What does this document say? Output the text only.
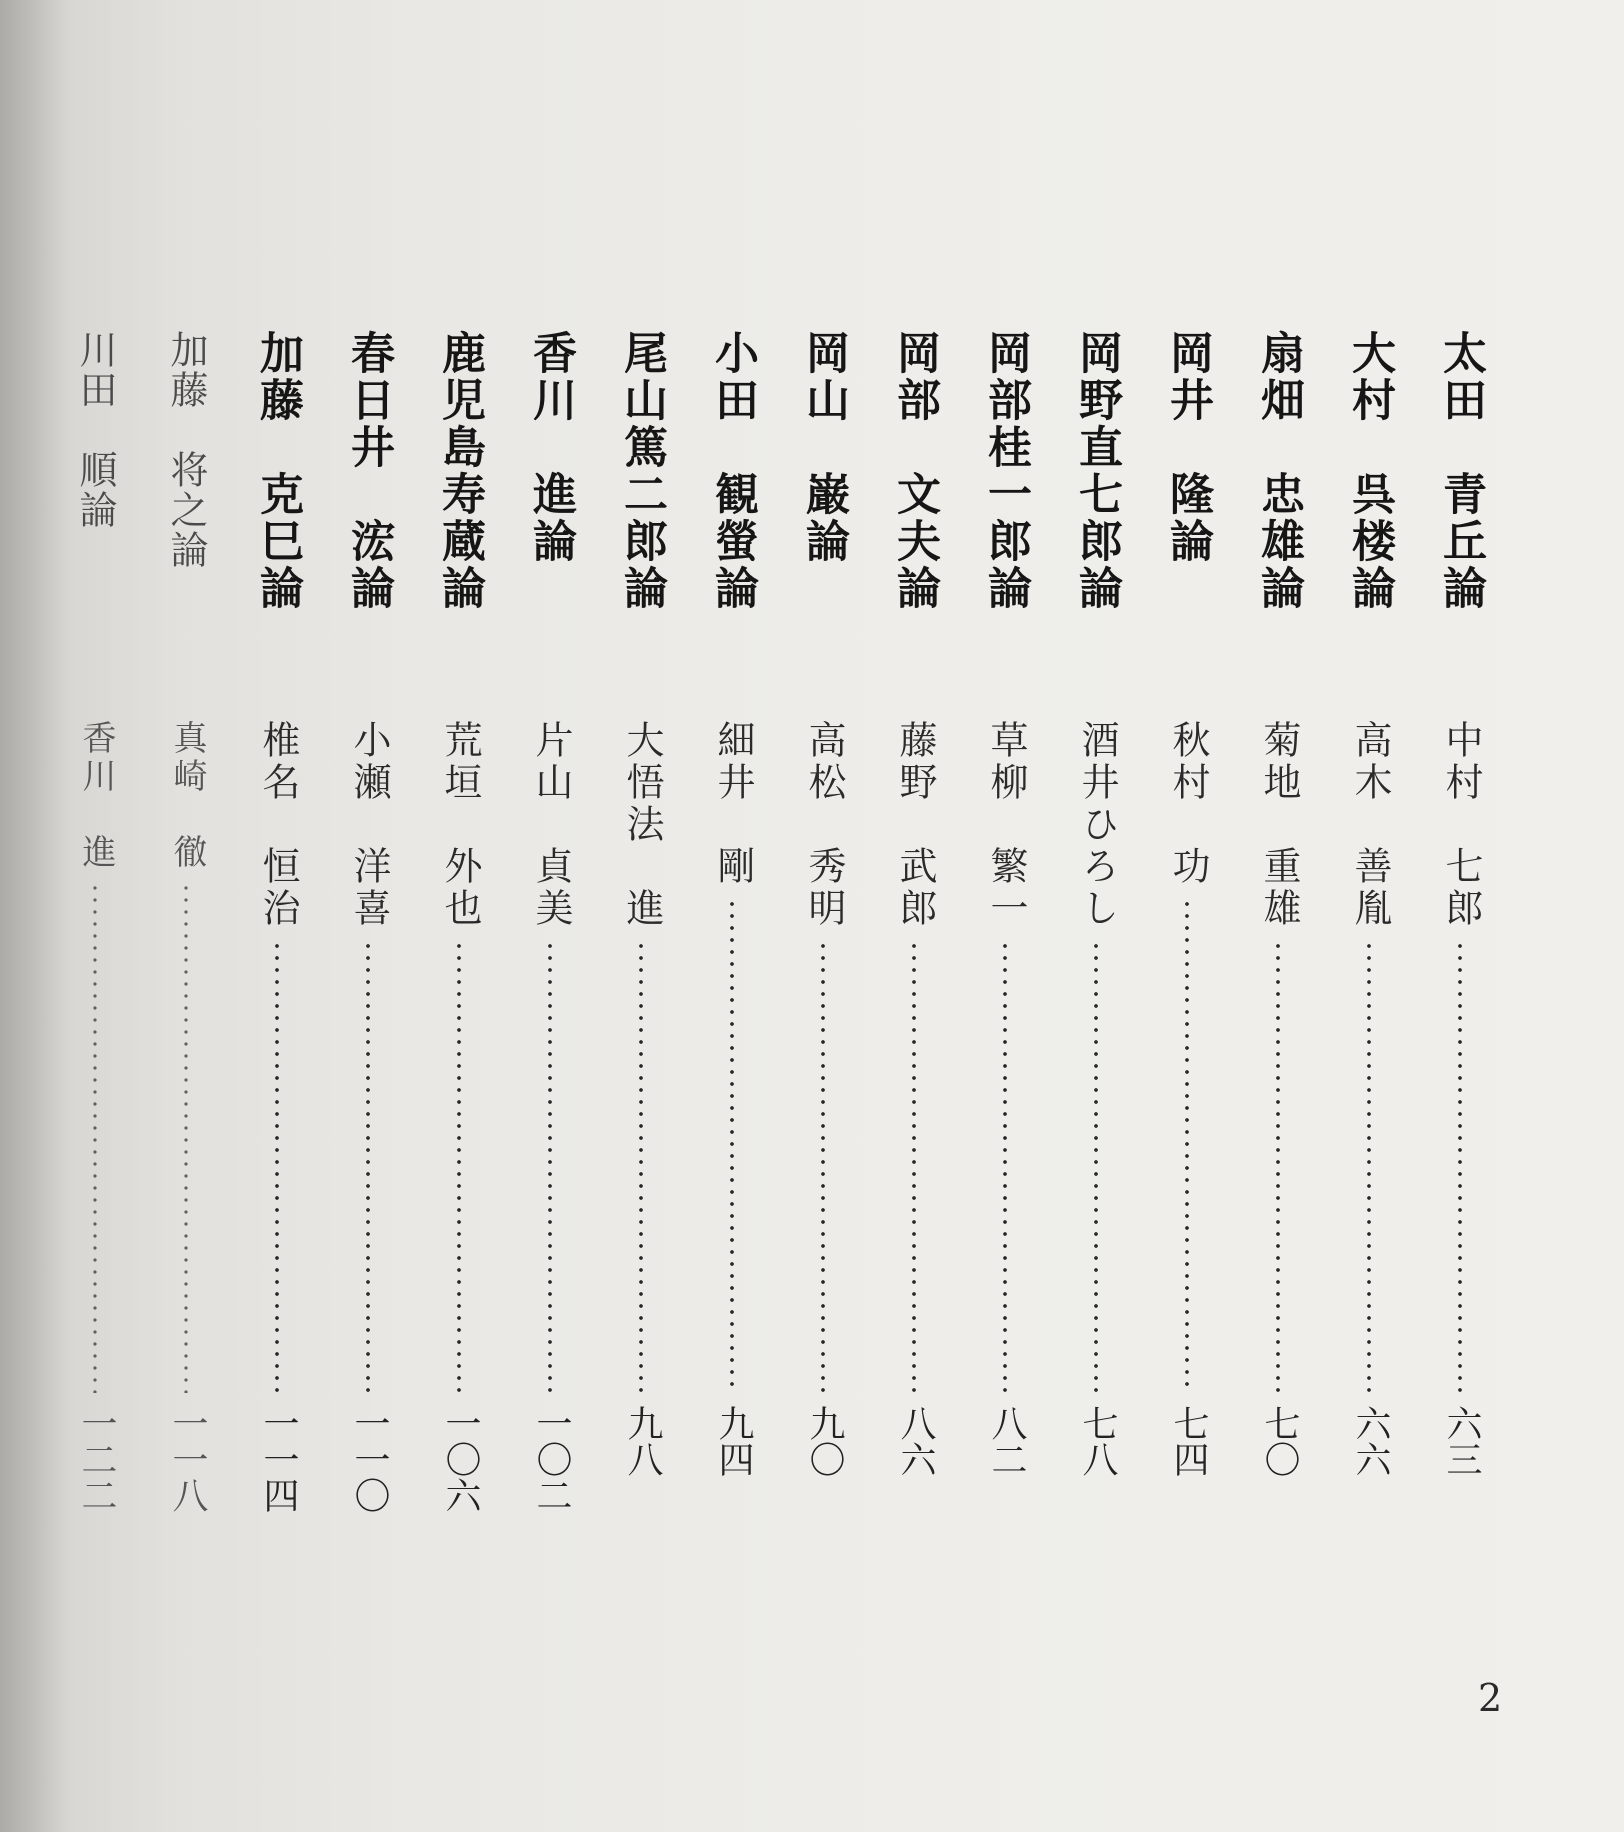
太田　青丘論
中村　七郎
六三
大村　呉楼論
高木　善胤
六六
扇畑　忠雄論
菊地　重雄
七〇
岡井　隆論
秋村　功
七四
岡野直七郎論
酒井ひろし
七八
岡部桂一郎論
草柳　繁一
八二
岡部　文夫論
藤野　武郎
八六
岡山　巌論
高松　秀明
九〇
小田　観螢論
細井　剛
九四
尾山篤二郎論
大悟法　進
九八
香川　進論
片山　貞美
一〇二
鹿児島寿蔵論
荒垣　外也
一〇六
春日井　浤論
小瀬　洋喜
一一〇
加藤　克巳論
椎名　恒治
一一四
加藤　将之論
真崎　徹
一一八
川田　順論
香川　進
一二二
2
